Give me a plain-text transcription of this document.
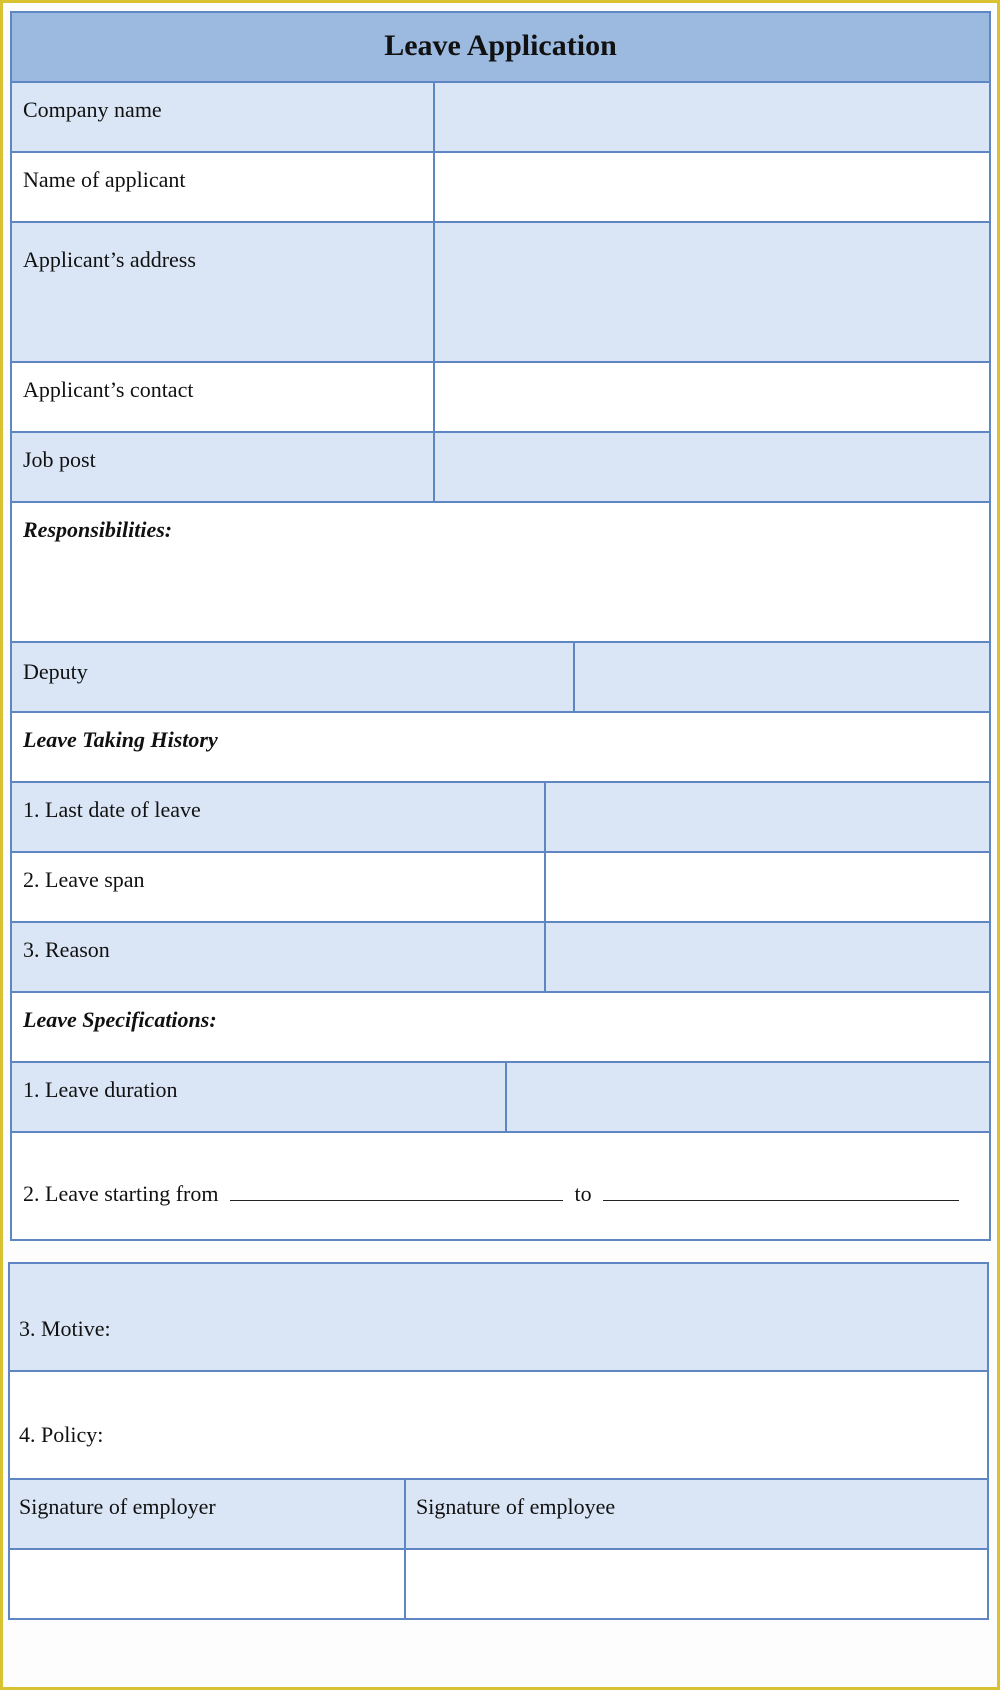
Leave Application
Company name
Name of applicant
Applicant’s address
Applicant’s contact
Job post
Responsibilities:
Deputy
Leave Taking History
1. Last date of leave
2. Leave span
3. Reason
Leave Specifications:
1. Leave duration
2. Leave starting from	to
3. Motive:
4. Policy:
Signature of employer	Signature of employee
